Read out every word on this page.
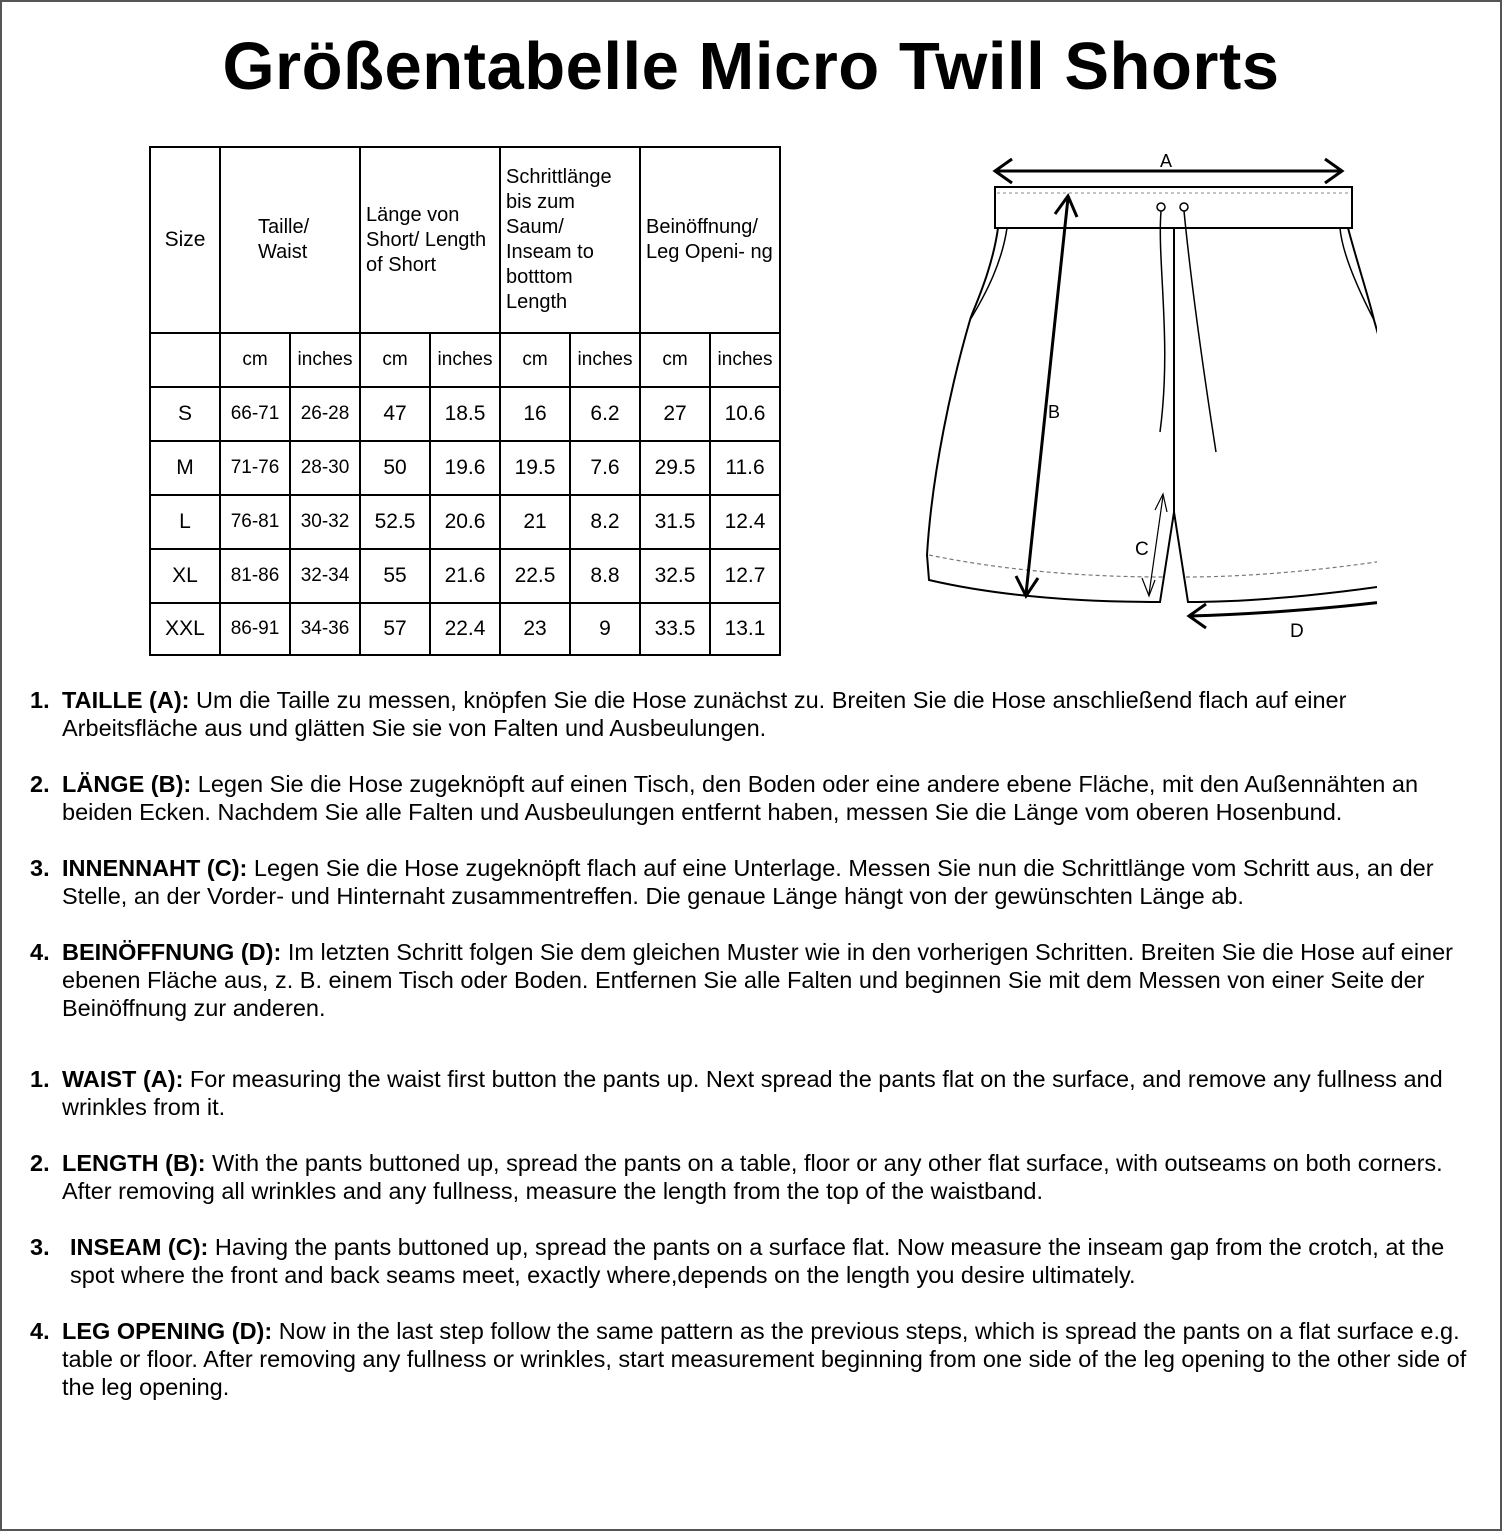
Größentabelle Micro Twill Shorts
Size	Taille/ Waist		Länge von Short/ Length of Short		Schrittlänge bis zum Saum/ Inseam to botttom Length		Beinöffnung/ Leg Openi- ng	
	cm	inches	cm	inches	cm	inches	cm	inches
S	66-71	26-28	47	18.5	16	6.2	27	10.6
M	71-76	28-30	50	19.6	19.5	7.6	29.5	11.6
L	76-81	30-32	52.5	20.6	21	8.2	31.5	12.4
XL	81-86	32-34	55	21.6	22.5	8.8	32.5	12.7
XXL	86-91	34-36	57	22.4	23	9	33.5	13.1
A
B
C
D
1. TAILLE (A): Um die Taille zu messen, knöpfen Sie die Hose zunächst zu. Breiten Sie die Hose anschließend flach auf einer Arbeitsfläche aus und glätten Sie sie von Falten und Ausbeulungen.
2. LÄNGE (B): Legen Sie die Hose zugeknöpft auf einen Tisch, den Boden oder eine andere ebene Fläche, mit den Außennähten an beiden Ecken. Nachdem Sie alle Falten und Ausbeulungen entfernt haben, messen Sie die Länge vom oberen Hosenbund.
3. INNENNAHT (C): Legen Sie die Hose zugeknöpft flach auf eine Unterlage. Messen Sie nun die Schrittlänge vom Schritt aus, an der Stelle, an der Vorder- und Hinternaht zusammentreffen. Die genaue Länge hängt von der gewünschten Länge ab.
4. BEINÖFFNUNG (D): Im letzten Schritt folgen Sie dem gleichen Muster wie in den vorherigen Schritten. Breiten Sie die Hose auf einer ebenen Fläche aus, z. B. einem Tisch oder Boden. Entfernen Sie alle Falten und beginnen Sie mit dem Messen von einer Seite der Beinöffnung zur anderen.
1. WAIST (A): For measuring the waist first button the pants up. Next spread the pants flat on the surface, and remove any fullness and wrinkles from it.
2. LENGTH (B): With the pants buttoned up, spread the pants on a table, floor or any other flat surface, with outseams on both corners. After removing all wrinkles and any fullness, measure the length from the top of the waistband.
3. INSEAM (C): Having the pants buttoned up, spread the pants on a surface flat. Now measure the inseam gap from the crotch, at the spot where the front and back seams meet, exactly where,depends on the length you desire ultimately.
4. LEG OPENING (D): Now in the last step follow the same pattern as the previous steps, which is spread the pants on a flat surface e.g. table or floor. After removing any fullness or wrinkles, start measurement beginning from one side of the leg opening to the other side of the leg opening.
